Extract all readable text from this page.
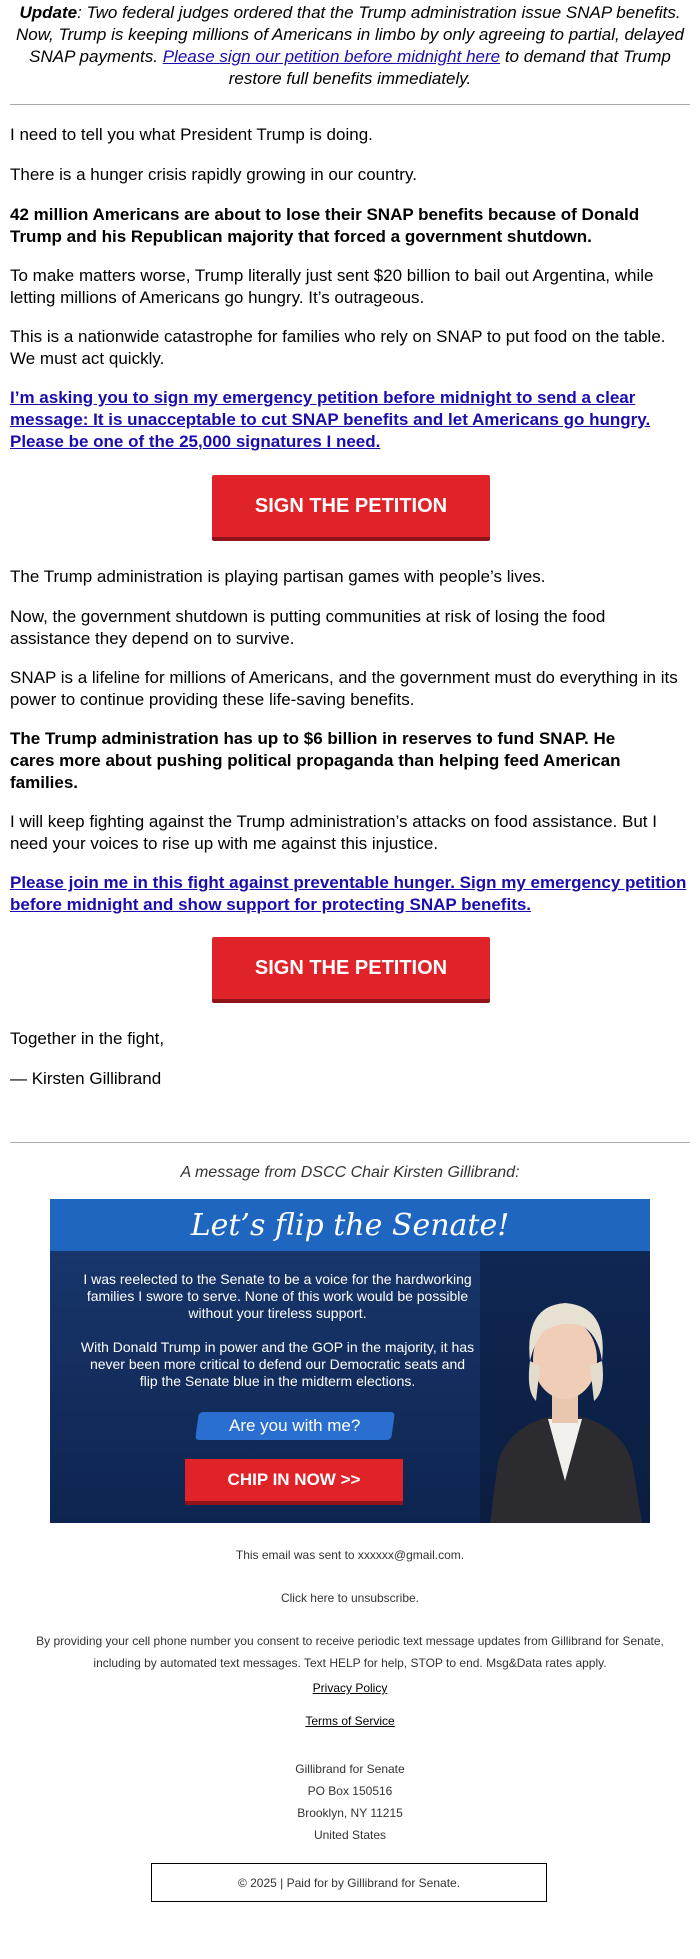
Update: Two federal judges ordered that the Trump administration issue SNAP benefits. Now, Trump is keeping millions of Americans in limbo by only agreeing to partial, delayed SNAP payments. Please sign our petition before midnight here to demand that Trump restore full benefits immediately.

I need to tell you what President Trump is doing.

There is a hunger crisis rapidly growing in our country.

42 million Americans are about to lose their SNAP benefits because of Donald Trump and his Republican majority that forced a government shutdown.

To make matters worse, Trump literally just sent $20 billion to bail out Argentina, while letting millions of Americans go hungry. It’s outrageous.

This is a nationwide catastrophe for families who rely on SNAP to put food on the table. We must act quickly.

I’m asking you to sign my emergency petition before midnight to send a clear message: It is unacceptable to cut SNAP benefits and let Americans go hungry. Please be one of the 25,000 signatures I need.

SIGN THE PETITION

The Trump administration is playing partisan games with people’s lives.

Now, the government shutdown is putting communities at risk of losing the food assistance they depend on to survive.

SNAP is a lifeline for millions of Americans, and the government must do everything in its power to continue providing these life-saving benefits.

The Trump administration has up to $6 billion in reserves to fund SNAP. He cares more about pushing political propaganda than helping feed American families.

I will keep fighting against the Trump administration’s attacks on food assistance. But I need your voices to rise up with me against this injustice.

Please join me in this fight against preventable hunger. Sign my emergency petition before midnight and show support for protecting SNAP benefits.

SIGN THE PETITION

Together in the fight,

— Kirsten Gillibrand

A message from DSCC Chair Kirsten Gillibrand:
Let’s flip the Senate!
I was reelected to the Senate to be a voice for the hardworking families I swore to serve. None of this work would be possible without your tireless support.
With Donald Trump in power and the GOP in the majority, it has never been more critical to defend our Democratic seats and flip the Senate blue in the midterm elections.
Are you with me?
CHIP IN NOW >>
This email was sent to xxxxxx@gmail.com.
Click here to unsubscribe.
By providing your cell phone number you consent to receive periodic text message updates from Gillibrand for Senate, including by automated text messages. Text HELP for help, STOP to end. Msg&Data rates apply.
Privacy Policy
Terms of Service
Gillibrand for Senate
PO Box 150516
Brooklyn, NY 11215
United States
© 2025 | Paid for by Gillibrand for Senate.
